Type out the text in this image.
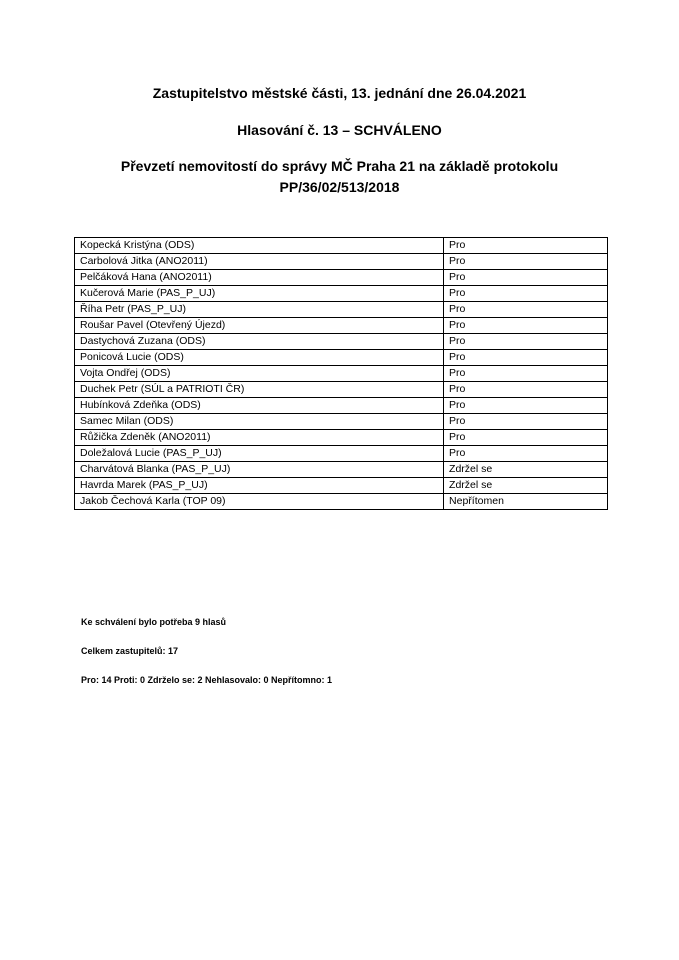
Zastupitelstvo městské části, 13. jednání dne 26.04.2021
Hlasování č. 13 – SCHVÁLENO
Převzetí nemovitostí do správy MČ Praha 21 na základě protokolu
PP/36/02/513/2018
Kopecká Kristýna (ODS)	Pro
Carbolová Jitka (ANO2011)	Pro
Pelčáková Hana (ANO2011)	Pro
Kučerová Marie (PAS_P_UJ)	Pro
Říha Petr (PAS_P_UJ)	Pro
Roušar Pavel (Otevřený Újezd)	Pro
Dastychová Zuzana (ODS)	Pro
Ponicová Lucie (ODS)	Pro
Vojta Ondřej (ODS)	Pro
Duchek Petr (SÚL a PATRIOTI ČR)	Pro
Hubínková Zdeňka (ODS)	Pro
Samec Milan (ODS)	Pro
Růžička Zdeněk (ANO2011)	Pro
Doležalová Lucie (PAS_P_UJ)	Pro
Charvátová Blanka (PAS_P_UJ)	Zdržel se
Havrda Marek (PAS_P_UJ)	Zdržel se
Jakob Čechová Karla (TOP 09)	Nepřítomen
Ke schválení bylo potřeba 9 hlasů
Celkem zastupitelů: 17
Pro: 14 Proti: 0 Zdrželo se: 2 Nehlasovalo: 0 Nepřítomno: 1
